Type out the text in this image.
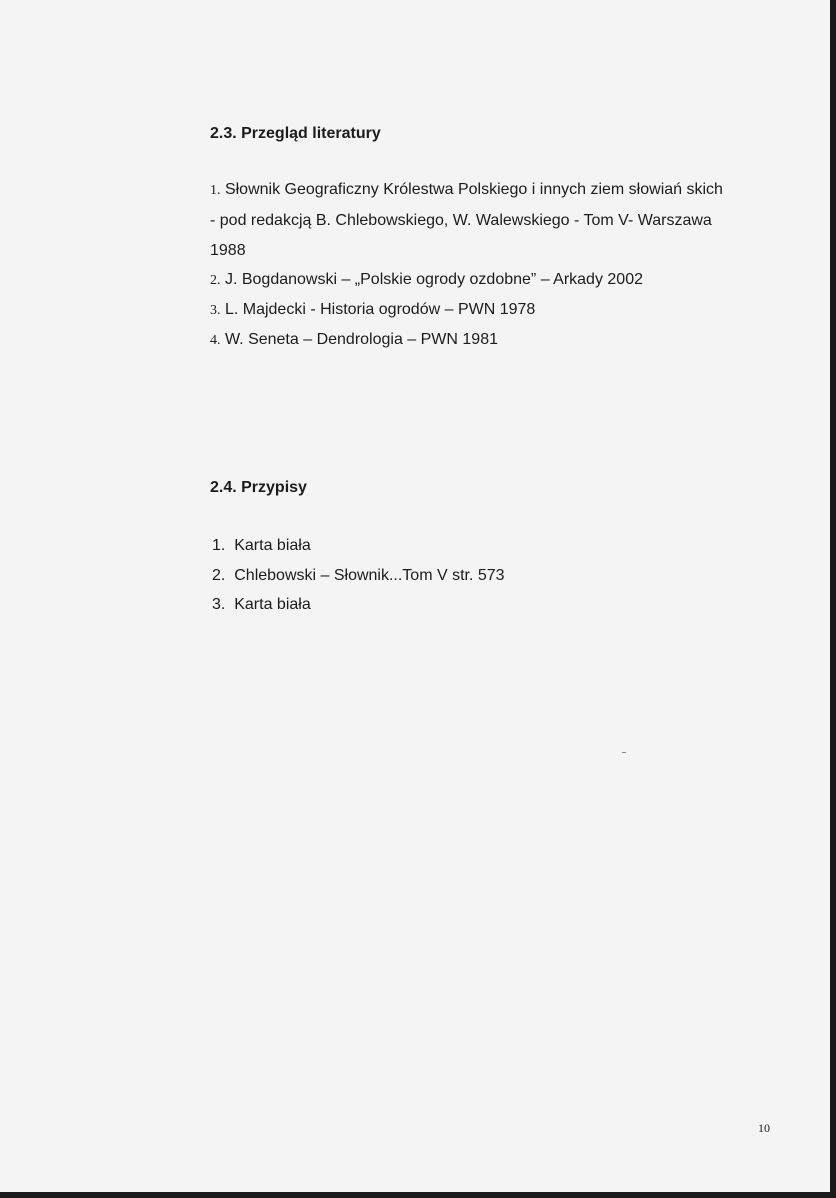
2.3. Przegląd literatury

1. Słownik Geograficzny Królestwa Polskiego i innych ziem słowiań skich

- pod redakcją B. Chlebowskiego, W. Walewskiego - Tom V- Warszawa

1988

2. J. Bogdanowski – „Polskie ogrody ozdobne” – Arkady 2002

3. L. Majdecki - Historia ogrodów – PWN 1978

4. W. Seneta – Dendrologia – PWN 1981

2.4. Przypisy

1. Karta biała

2. Chlebowski – Słownik...Tom V str. 573

3. Karta biała

10
